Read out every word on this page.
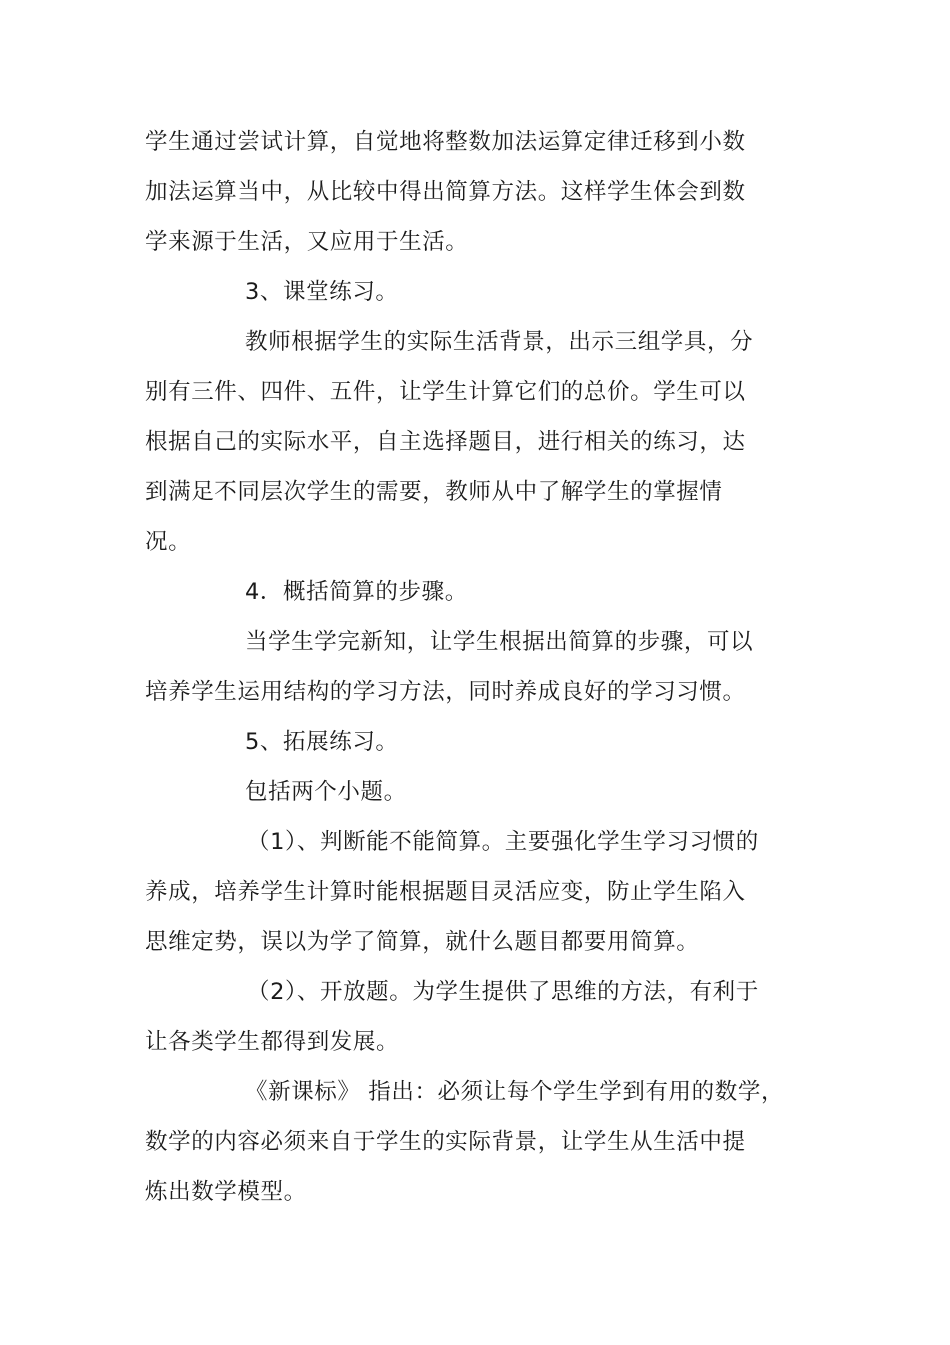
学生通过尝试计算，自觉地将整数加法运算定律迁移到小数
加法运算当中，从比较中得出简算方法。这样学生体会到数
学来源于生活，又应用于生活。
3、课堂练习。
教师根据学生的实际生活背景，出示三组学具，分
别有三件、四件、五件，让学生计算它们的总价。学生可以
根据自己的实际水平，自主选择题目，进行相关的练习，达
到满足不同层次学生的需要，教师从中了解学生的掌握情
况。
4．概括简算的步骤。
当学生学完新知，让学生根据出简算的步骤，可以
培养学生运用结构的学习方法，同时养成良好的学习习惯。
5、拓展练习。
包括两个小题。
（1）、判断能不能简算。主要强化学生学习习惯的
养成，培养学生计算时能根据题目灵活应变，防止学生陷入
思维定势，误以为学了简算，就什么题目都要用简算。
（2）、开放题。为学生提供了思维的方法，有利于
让各类学生都得到发展。
《新课标》 指出：必须让每个学生学到有用的数学，
数学的内容必须来自于学生的实际背景，让学生从生活中提
炼出数学模型。
